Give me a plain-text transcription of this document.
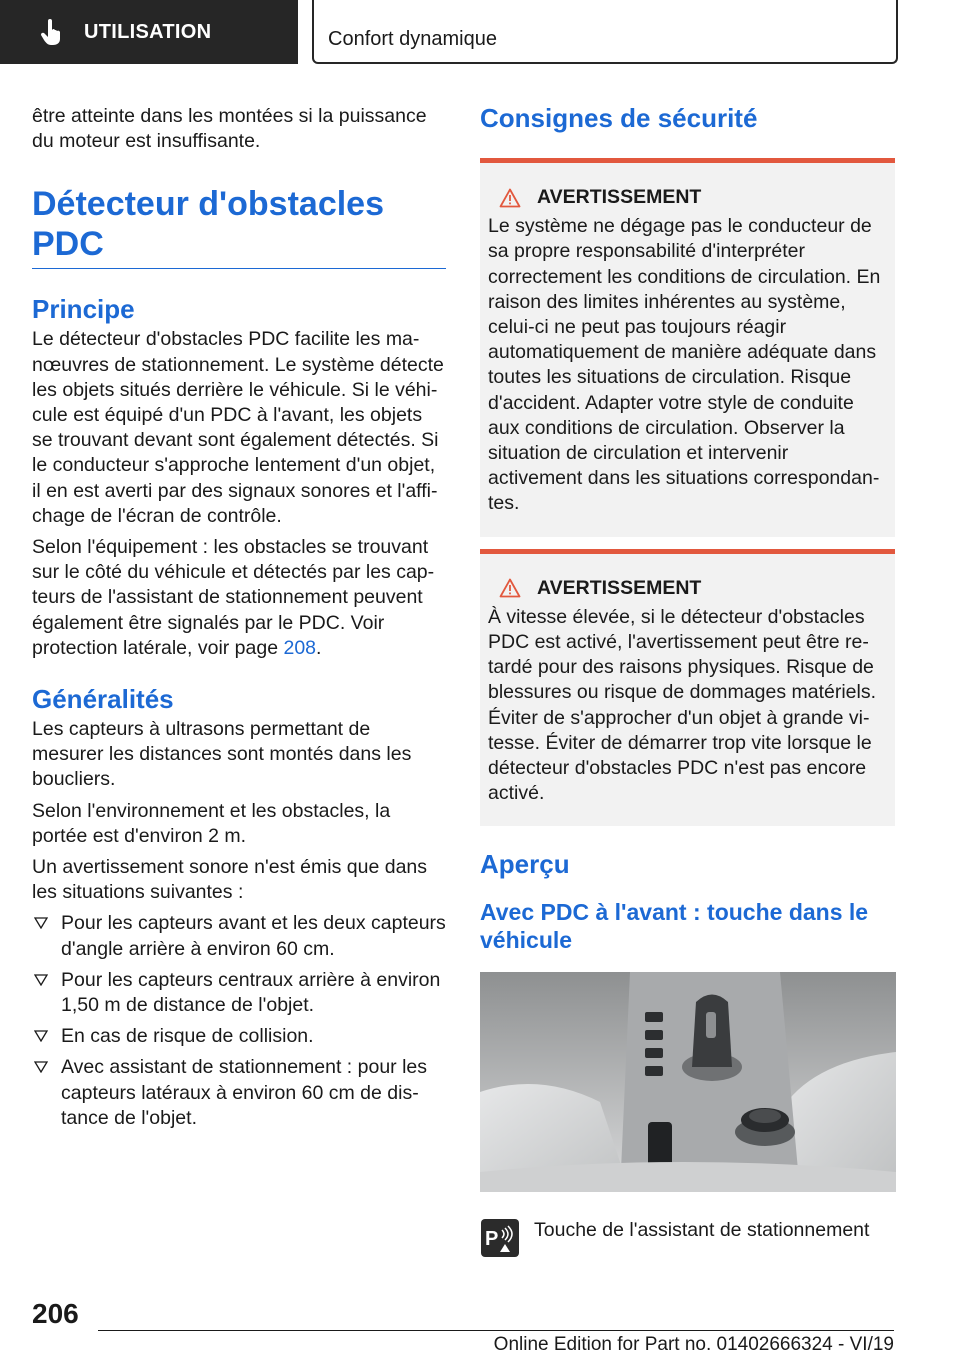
UTILISATION	Confort dynamique

être atteinte dans les montées si la puissance du moteur est insuffisante.

Détecteur d'obstacles PDC
Principe

Le détecteur d'obstacles PDC facilite les manœuvres de stationnement. Le système détecte les objets situés derrière le véhicule. Si le véhicule est équipé d'un PDC à l'avant, les objets se trouvant devant sont également détectés. Si le conducteur s'approche lentement d'un objet, il en est averti par des signaux sonores et l'affichage de l'écran de contrôle.

Selon l'équipement : les obstacles se trouvant sur le côté du véhicule et détectés par les capteurs de l'assistant de stationnement peuvent également être signalés par le PDC. Voir protection latérale, voir page 208.

Généralités

Les capteurs à ultrasons permettant de mesurer les distances sont montés dans les boucliers.

Selon l'environnement et les obstacles, la portée est d'environ 2 m.

Un avertissement sonore n'est émis que dans les situations suivantes :

Pour les capteurs avant et les deux capteurs d'angle arrière à environ 60 cm.
Pour les capteurs centraux arrière à environ 1,50 m de distance de l'objet.
En cas de risque de collision.
Avec assistant de stationnement : pour les capteurs latéraux à environ 60 cm de distance de l'objet.
Consignes de sécurité
AVERTISSEMENT
Le système ne dégage pas le conducteur de sa propre responsabilité d'interpréter correctement les conditions de circulation. En raison des limites inhérentes au système, celui-ci ne peut pas toujours réagir automatiquement de manière adéquate dans toutes les situations de circulation. Risque d'accident. Adapter votre style de conduite aux conditions de circulation. Observer la situation de circulation et intervenir activement dans les situations correspondantes.
AVERTISSEMENT
À vitesse élevée, si le détecteur d'obstacles PDC est activé, l'avertissement peut être retardé pour des raisons physiques. Risque de blessures ou risque de dommages matériels. Éviter de s'approcher d'un objet à grande vitesse. Éviter de démarrer trop vite lorsque le détecteur d'obstacles PDC n'est pas encore activé.
Aperçu
Avec PDC à l'avant : touche dans le véhicule
P Touche de l'assistant de stationnement
206
Online Edition for Part no. 01402666324 - VI/19
